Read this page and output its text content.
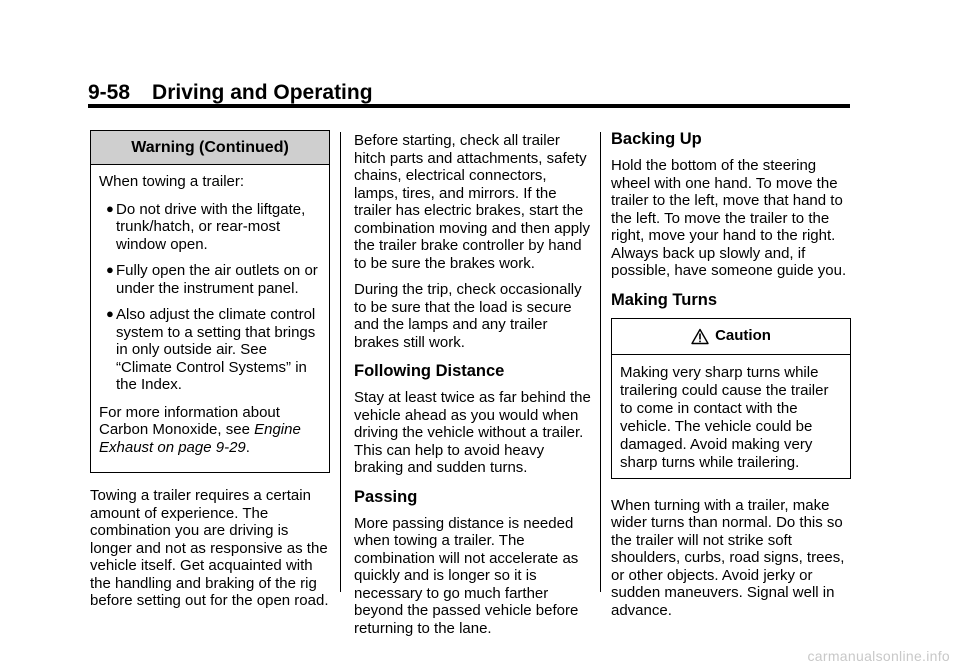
9-58 Driving and Operating
Warning (Continued)

When towing a trailer:

● Do not drive with the liftgate, trunk/hatch, or rear-most window open.
● Fully open the air outlets on or under the instrument panel.
● Also adjust the climate control system to a setting that brings in only outside air. See “Climate Control Systems” in the Index.

For more information about Carbon Monoxide, see Engine Exhaust on page 9-29.

Towing a trailer requires a certain amount of experience. The combination you are driving is longer and not as responsive as the vehicle itself. Get acquainted with the handling and braking of the rig before setting out for the open road.

Before starting, check all trailer hitch parts and attachments, safety chains, electrical connectors, lamps, tires, and mirrors. If the trailer has electric brakes, start the combination moving and then apply the trailer brake controller by hand to be sure the brakes work.

During the trip, check occasionally to be sure that the load is secure and the lamps and any trailer brakes still work.

Following Distance

Stay at least twice as far behind the vehicle ahead as you would when driving the vehicle without a trailer. This can help to avoid heavy braking and sudden turns.

Passing

More passing distance is needed when towing a trailer. The combination will not accelerate as quickly and is longer so it is necessary to go much farther beyond the passed vehicle before returning to the lane.

Backing Up

Hold the bottom of the steering wheel with one hand. To move the trailer to the left, move that hand to the left. To move the trailer to the right, move your hand to the right. Always back up slowly and, if possible, have someone guide you.

Making Turns
Caution

Making very sharp turns while trailering could cause the trailer to come in contact with the vehicle. The vehicle could be damaged. Avoid making very sharp turns while trailering.

When turning with a trailer, make wider turns than normal. Do this so the trailer will not strike soft shoulders, curbs, road signs, trees, or other objects. Avoid jerky or sudden maneuvers. Signal well in advance.

carmanualsonline.info
